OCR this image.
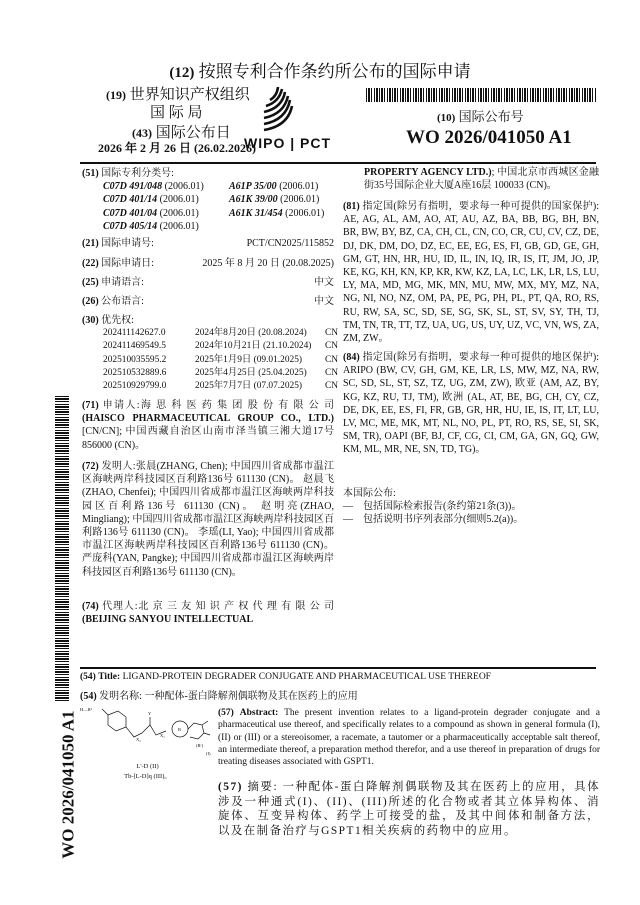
(12) 按照专利合作条约所公布的国际申请
(19) 世界知识产权组织
国 际 局
(43) 国际公布日
2026 年 2 月 26 日 (26.02.2026)
WIPO | PCT
(10) 国际公布号
WO 2026/041050 A1
WO 2026/041050 A1
(51) 国际专利分类号:
C07D 491/048 (2006.01)	A61P 35/00 (2006.01)
C07D 401/14 (2006.01)	A61K 39/00 (2006.01)
C07D 401/04 (2006.01)	A61K 31/454 (2006.01)
C07D 405/14 (2006.01)
(21) 国际申请号:	PCT/CN2025/115852
(22) 国际申请日:	2025 年 8 月 20 日 (20.08.2025)
(25) 申请语言:	中文
(26) 公布语言:	中文
(30) 优先权:
202411142627.0	2024年8月20日 (20.08.2024)	CN
202411469549.5	2024年10月21日 (21.10.2024)	CN
202510035595.2	2025年1月9日 (09.01.2025)	CN
202510532889.6	2025年4月25日 (25.04.2025)	CN
202510929799.0	2025年7月7日 (07.07.2025)	CN
(71) 申请人:海 思 科 医 药 集 团 股 份 有 限 公 司 (HAISCO PHARMACEUTICAL GROUP CO., LTD.) [CN/CN]; 中国西藏自治区山南市泽当镇三湘大道17号 856000 (CN)。
(72) 发明人:张晨(ZHANG, Chen); 中国四川省成都市温江区海峡两岸科技园区百利路136号 611130 (CN)。 赵晨飞(ZHAO, Chenfei); 中国四川省成都市温江区海峡两岸科技园区百利路136号 611130 (CN)。 赵明亮(ZHAO, Mingliang); 中国四川省成都市温江区海峡两岸科技园区百利路136号 611130 (CN)。 李瑶(LI, Yao); 中国四川省成都市温江区海峡两岸科技园区百利路136号 611130 (CN)。 严庞科(YAN, Pangke); 中国四川省成都市温江区海峡两岸科技园区百利路136号 611130 (CN)。
(74) 代理人:北 京 三 友 知 识 产 权 代 理 有 限 公 司 (BEIJING SANYOU INTELLECTUAL
PROPERTY AGENCY LTD.); 中国北京市西城区金融街35号国际企业大厦A座16层 100033 (CN)。
(81) 指定国(除另有指明，要求每一种可提供的国家保护): AE, AG, AL, AM, AO, AT, AU, AZ, BA, BB, BG, BH, BN, BR, BW, BY, BZ, CA, CH, CL, CN, CO, CR, CU, CV, CZ, DE, DJ, DK, DM, DO, DZ, EC, EE, EG, ES, FI, GB, GD, GE, GH, GM, GT, HN, HR, HU, ID, IL, IN, IQ, IR, IS, IT, JM, JO, JP, KE, KG, KH, KN, KP, KR, KW, KZ, LA, LC, LK, LR, LS, LU, LY, MA, MD, MG, MK, MN, MU, MW, MX, MY, MZ, NA, NG, NI, NO, NZ, OM, PA, PE, PG, PH, PL, PT, QA, RO, RS, RU, RW, SA, SC, SD, SE, SG, SK, SL, ST, SV, SY, TH, TJ, TM, TN, TR, TT, TZ, UA, UG, US, UY, UZ, VC, VN, WS, ZA, ZM, ZW。
(84) 指定国(除另有指明，要求每一种可提供的地区保护): ARIPO (BW, CV, GH, GM, KE, LR, LS, MW, MZ, NA, RW, SC, SD, SL, ST, SZ, TZ, UG, ZM, ZW), 欧亚 (AM, AZ, BY, KG, KZ, RU, TJ, TM), 欧洲 (AL, AT, BE, BG, CH, CY, CZ, DE, DK, EE, ES, FI, FR, GB, GR, HR, HU, IE, IS, IT, LT, LU, LV, MC, ME, MK, MT, NL, NO, PL, PT, RO, RS, SE, SI, SK, SM, TR), OAPI (BF, BJ, CF, CG, CI, CM, GA, GN, GQ, GW, KM, ML, MR, NE, SN, TD, TG)。
本国际公布:
— 包括国际检索报告(条约第21条(3))。
— 包括说明书序列表部分(细则5.2(a))。
(54) Title: LIGAND-PROTEIN DEGRADER CONJUGATE AND PHARMACEUTICAL USE THEREOF
(54) 发明名称: 一种配体-蛋白降解剂偶联物及其在医药上的应用
H—R¹
Y
X₂
X₁
B
(Rᶜ)
(I)
L'-D (II)
Tb-[L-D]q (III)。
(57) Abstract: The present invention relates to a ligand-protein degrader conjugate and a pharmaceutical use thereof, and specifically relates to a compound as shown in general formula (I), (II) or (III) or a stereoisomer, a racemate, a tautomer or a pharmaceutically acceptable salt thereof, an intermediate thereof, a preparation method therefor, and a use thereof in preparation of drugs for treating diseases associated with GSPT1.
(57) 摘要: 一种配体-蛋白降解剂偶联物及其在医药上的应用，具体涉及一种通式(I)、(II)、(III)所述的化合物或者其立体异构体、消旋体、互变异构体、药学上可接受的盐，及其中间体和制备方法，以及在制备治疗与GSPT1相关疾病的药物中的应用。
